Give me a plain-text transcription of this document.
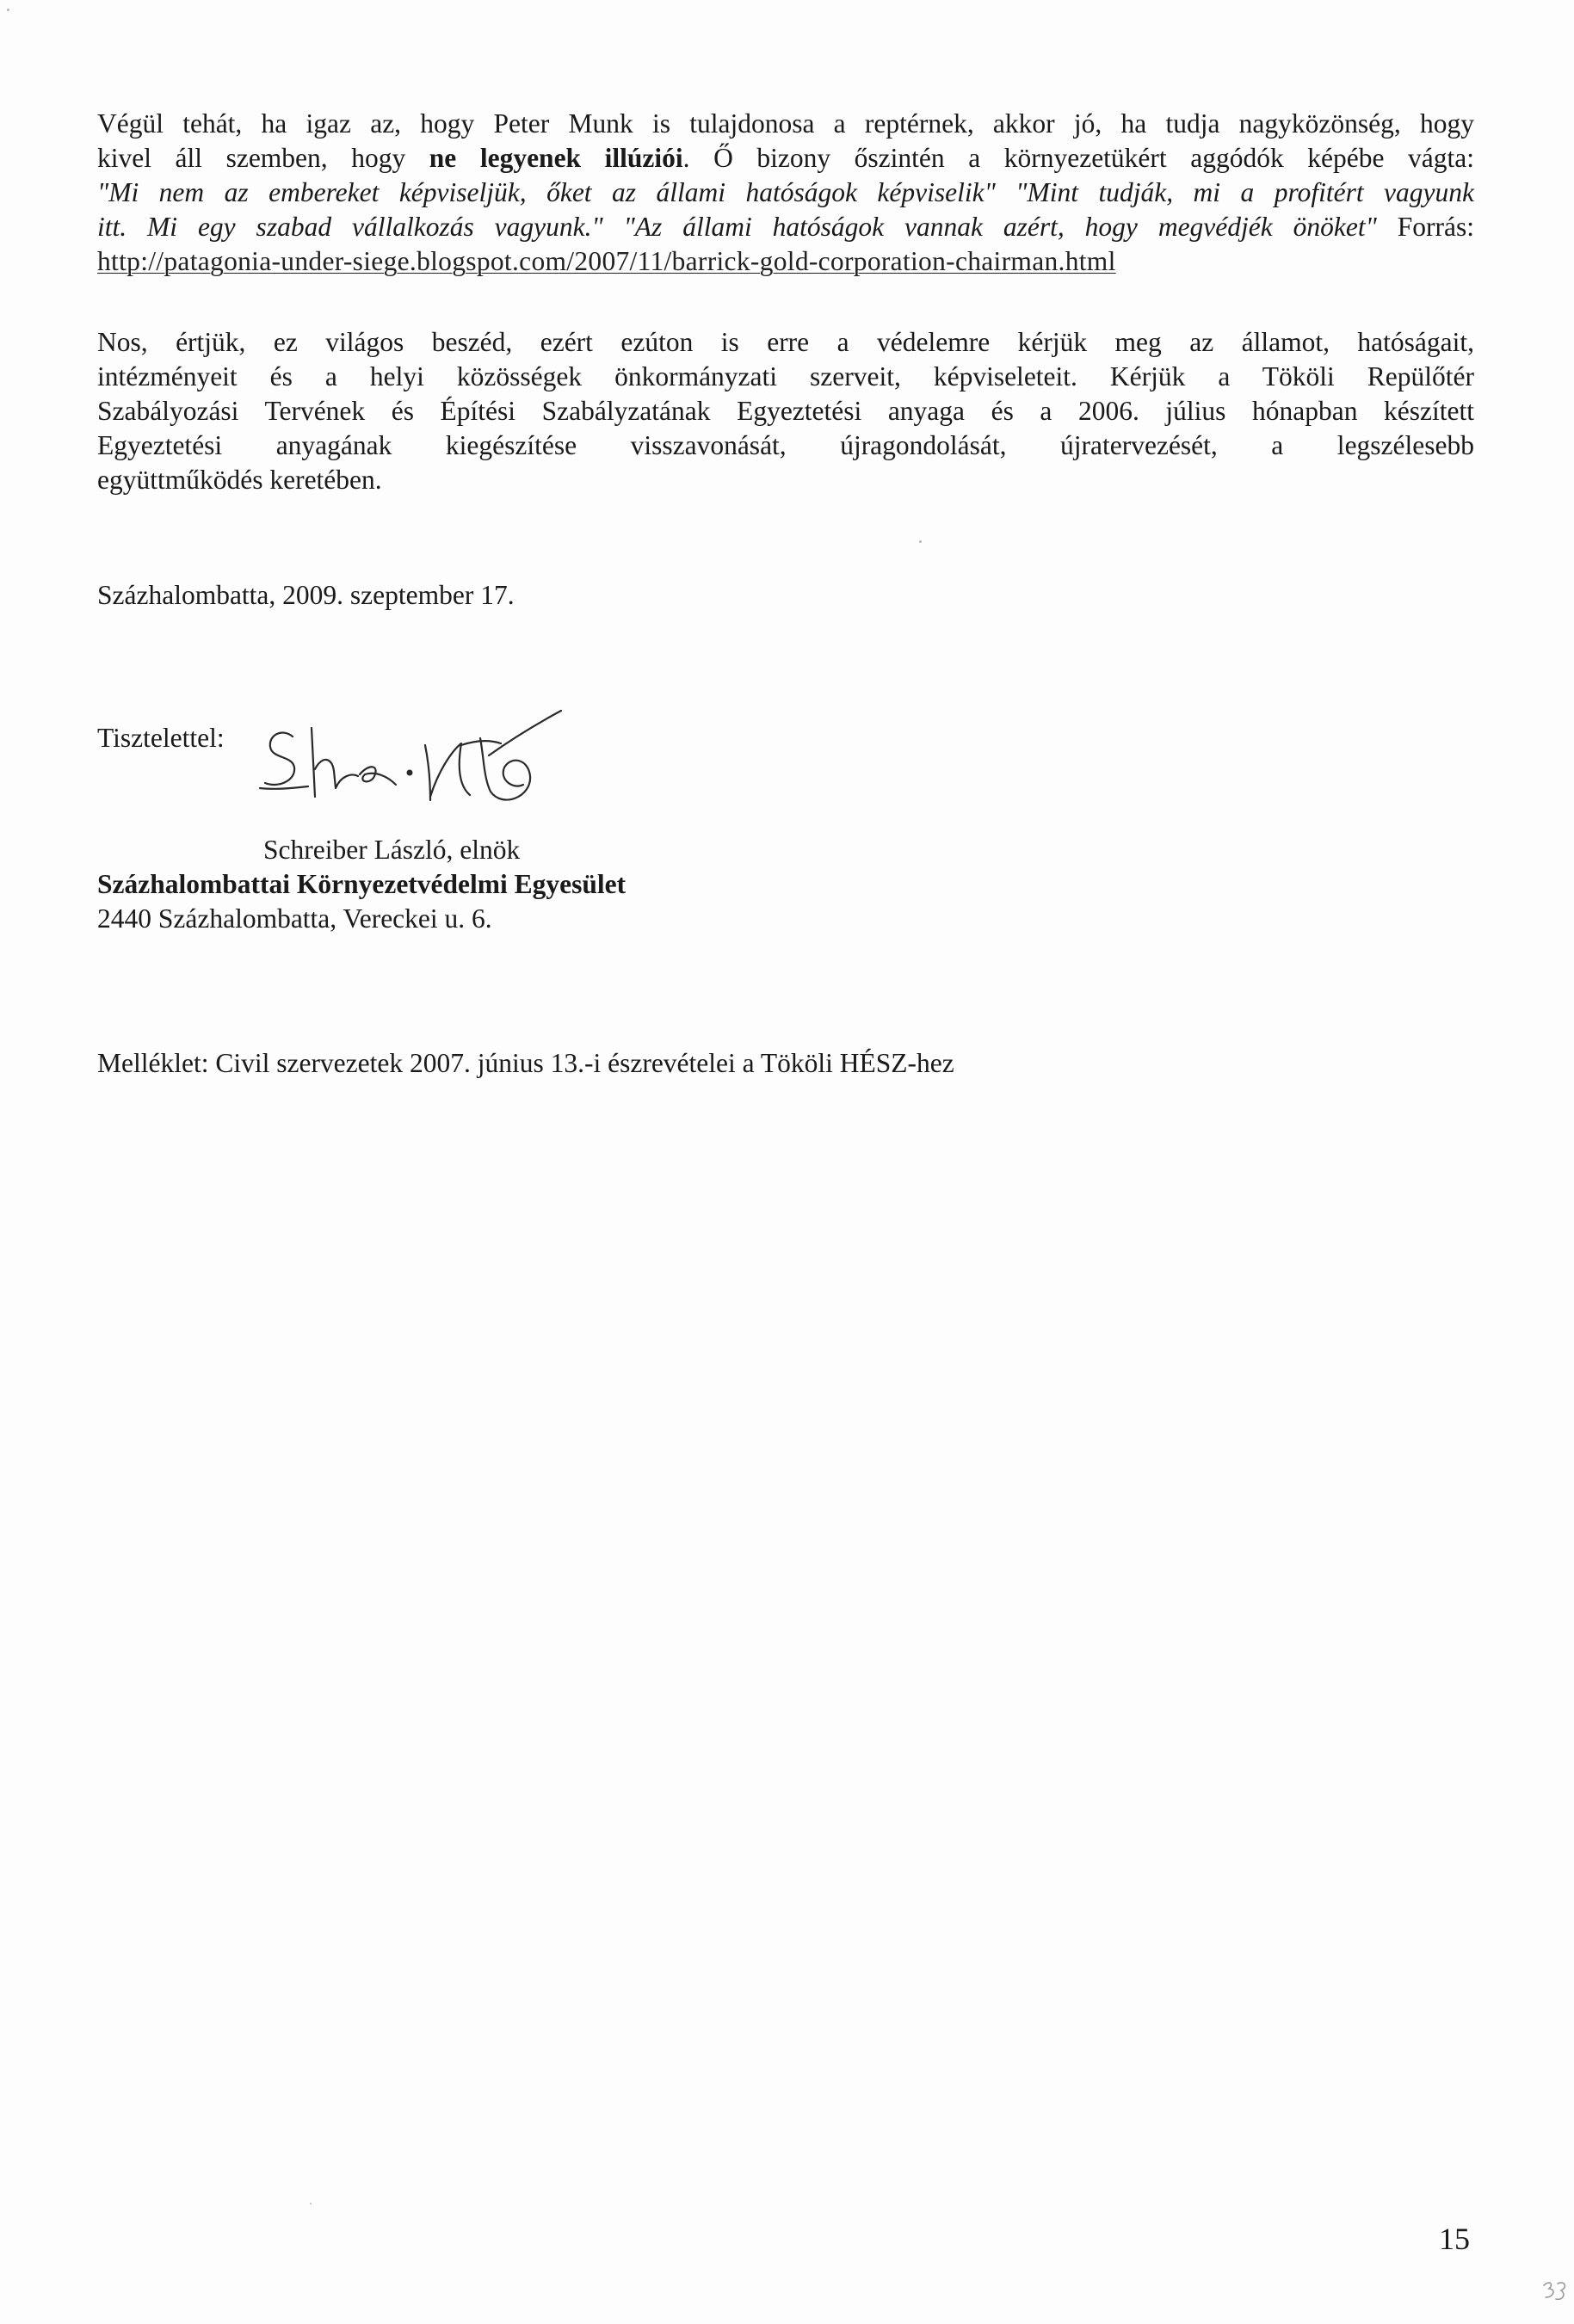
Végül tehát, ha igaz az, hogy Peter Munk is tulajdonosa a reptérnek, akkor jó, ha tudja nagyközönség, hogy
kivel áll szemben, hogy ne legyenek illúziói. Ő bizony őszintén a környezetükért aggódók képébe vágta:
"Mi nem az embereket képviseljük, őket az állami hatóságok képviselik" "Mint tudják, mi a profitért vagyunk
itt. Mi egy szabad vállalkozás vagyunk." "Az állami hatóságok vannak azért, hogy megvédjék önöket" Forrás:
http://patagonia-under-siege.blogspot.com/2007/11/barrick-gold-corporation-chairman.html
Nos, értjük, ez világos beszéd, ezért ezúton is erre a védelemre kérjük meg az államot, hatóságait,
intézményeit és a helyi közösségek önkormányzati szerveit, képviseleteit. Kérjük a Tököli Repülőtér
Szabályozási Tervének és Építési Szabályzatának Egyeztetési anyaga és a 2006. július hónapban készített
Egyeztetési anyagának kiegészítése visszavonását, újragondolását, újratervezését, a legszélesebb
együttműködés keretében.

Százhalombatta, 2009. szeptember 17.

Tisztelettel:

Schreiber László, elnök

Százhalombattai Környezetvédelmi Egyesület

2440 Százhalombatta, Vereckei u. 6.

Melléklet: Civil szervezetek 2007. június 13.-i észrevételei a Tököli HÉSZ-hez

15
